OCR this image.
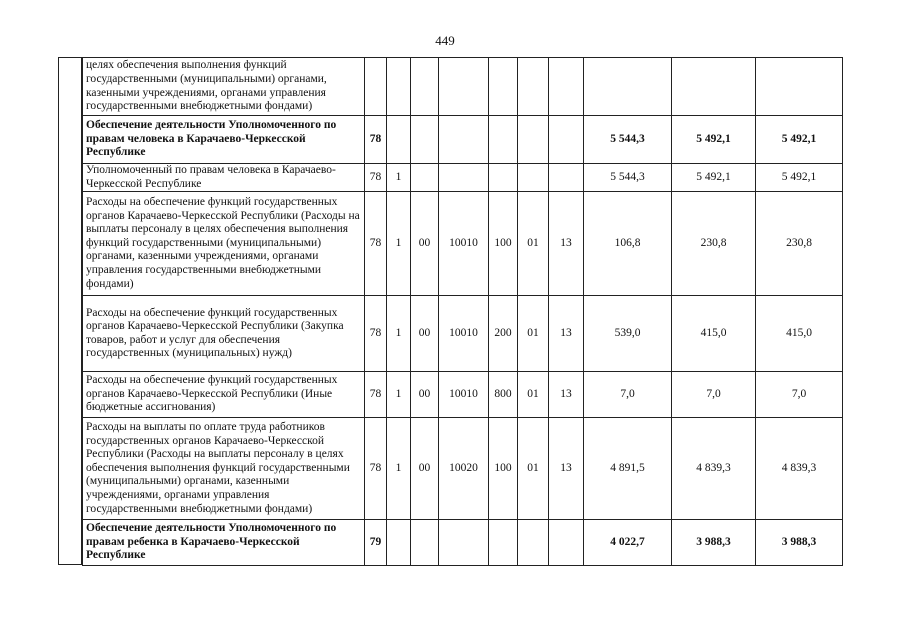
449
целях обеспечения выполнения функций государственными (муниципальными) органами, казенными учреждениями, органами управления государственными внебюджетными фондами)										
Обеспечение деятельности Уполномоченного по правам человека в Карачаево-Черкесской Республике	78							5 544,3	5 492,1	5 492,1
Уполномоченный по правам человека в Карачаево-Черкесской Республике	78	1						5 544,3	5 492,1	5 492,1
Расходы на обеспечение функций государственных органов Карачаево-Черкесской Республики (Расходы на выплаты персоналу в целях обеспечения выполнения функций государственными (муниципальными) органами, казенными учреждениями, органами управления государственными внебюджетными фондами)	78	1	00	10010	100	01	13	106,8	230,8	230,8
Расходы на обеспечение функций государственных органов Карачаево-Черкесской Республики (Закупка товаров, работ и услуг для обеспечения государственных (муниципальных) нужд)	78	1	00	10010	200	01	13	539,0	415,0	415,0
Расходы на обеспечение функций государственных органов Карачаево-Черкесской Республики (Иные бюджетные ассигнования)	78	1	00	10010	800	01	13	7,0	7,0	7,0
Расходы на выплаты по оплате труда работников государственных органов Карачаево-Черкесской Республики (Расходы на выплаты персоналу в целях обеспечения выполнения функций государственными (муниципальными) органами, казенными учреждениями, органами управления государственными внебюджетными фондами)	78	1	00	10020	100	01	13	4 891,5	4 839,3	4 839,3
Обеспечение деятельности Уполномоченного по правам ребенка в Карачаево-Черкесской Республике	79							4 022,7	3 988,3	3 988,3
